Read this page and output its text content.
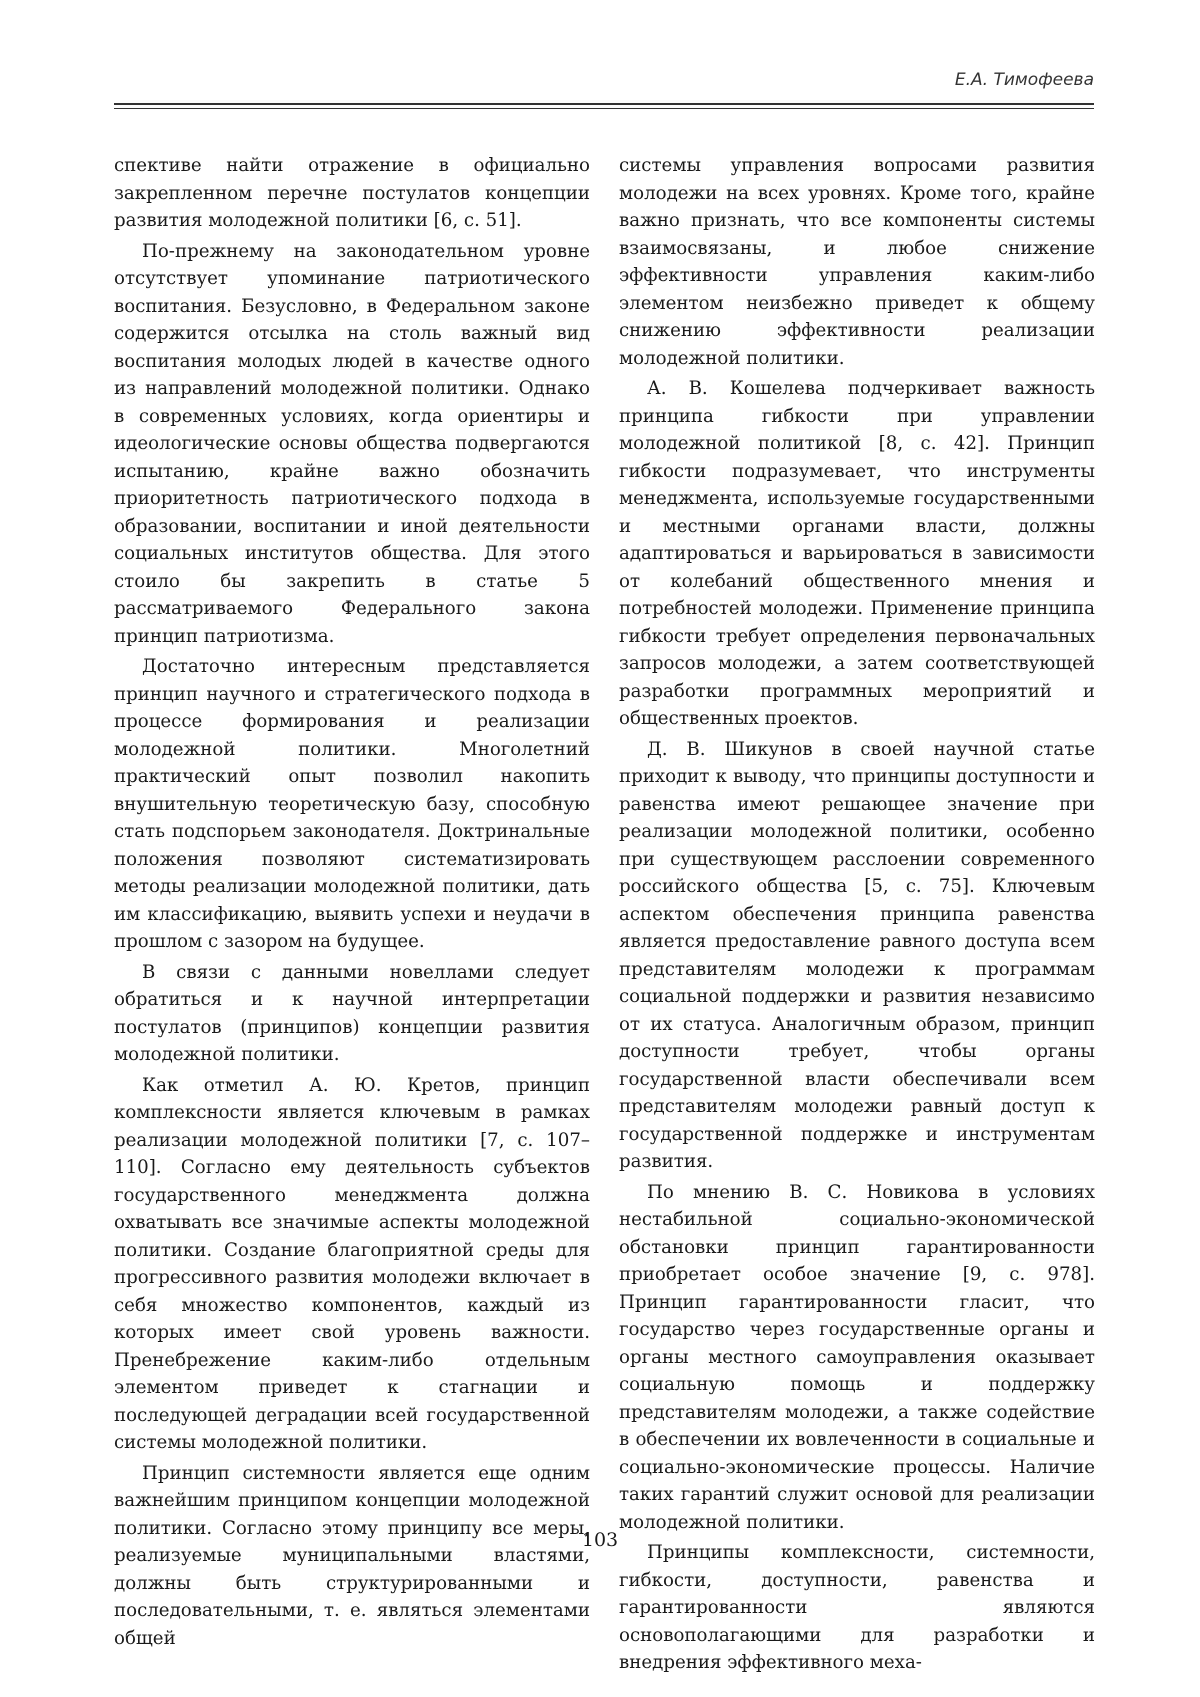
Е.А. Тимофеева

спективе найти отражение в официально закрепленном перечне постулатов концепции развития молодежной политики [6, с. 51].

По-прежнему на законодательном уровне отсутствует упоминание патриотического воспитания. Безусловно, в Федеральном законе содержится отсылка на столь важный вид воспитания молодых людей в качестве одного из направлений молодежной политики. Однако в современных условиях, когда ориентиры и идеологические основы общества подвергаются испытанию, крайне важно обозначить приоритетность патриотического подхода в образовании, воспитании и иной деятельности социальных институтов общества. Для этого стоило бы закрепить в статье 5 рассматриваемого Федерального закона принцип патриотизма.

Достаточно интересным представляется принцип научного и стратегического подхода в процессе формирования и реализации молодежной политики. Многолетний практический опыт позволил накопить внушительную теоретическую базу, способную стать подспорьем законодателя. Доктринальные положения позволяют систематизировать методы реализации молодежной политики, дать им классификацию, выявить успехи и неудачи в прошлом с зазором на будущее.

В связи с данными новеллами следует обратиться и к научной интерпретации постулатов (принципов) концепции развития молодежной политики.

Как отметил А. Ю. Кретов, принцип комплексности является ключевым в рамках реализации молодежной политики [7, с. 107–110]. Согласно ему деятельность субъектов государственного менеджмента должна охватывать все значимые аспекты молодежной политики. Создание благоприятной среды для прогрессивного развития молодежи включает в себя множество компонентов, каждый из которых имеет свой уровень важности. Пренебрежение каким-либо отдельным элементом приведет к стагнации и последующей деградации всей государственной системы молодежной политики.

Принцип системности является еще одним важнейшим принципом концепции молодежной политики. Согласно этому принципу все меры, реализуемые муниципальными властями, должны быть структурированными и последовательными, т. е. являться элементами общей

системы управления вопросами развития молодежи на всех уровнях. Кроме того, крайне важно признать, что все компоненты системы взаимосвязаны, и любое снижение эффективности управления каким-либо элементом неизбежно приведет к общему снижению эффективности реализации молодежной политики.

А. В. Кошелева подчеркивает важность принципа гибкости при управлении молодежной политикой [8, с. 42]. Принцип гибкости подразумевает, что инструменты менеджмента, используемые государственными и местными органами власти, должны адаптироваться и варьироваться в зависимости от колебаний общественного мнения и потребностей молодежи. Применение принципа гибкости требует определения первоначальных запросов молодежи, а затем соответствующей разработки программных мероприятий и общественных проектов.

Д. В. Шикунов в своей научной статье приходит к выводу, что принципы доступности и равенства имеют решающее значение при реализации молодежной политики, особенно при существующем расслоении современного российского общества [5, с. 75]. Ключевым аспектом обеспечения принципа равенства является предоставление равного доступа всем представителям молодежи к программам социальной поддержки и развития независимо от их статуса. Аналогичным образом, принцип доступности требует, чтобы органы государственной власти обеспечивали всем представителям молодежи равный доступ к государственной поддержке и инструментам развития.

По мнению В. С. Новикова в условиях нестабильной социально-экономической обстановки принцип гарантированности приобретает особое значение [9, с. 978]. Принцип гарантированности гласит, что государство через государственные органы и органы местного самоуправления оказывает социальную помощь и поддержку представителям молодежи, а также содействие в обеспечении их вовлеченности в социальные и социально-экономические процессы. Наличие таких гарантий служит основой для реализации молодежной политики.

Принципы комплексности, системности, гибкости, доступности, равенства и гарантированности являются основополагающими для разработки и внедрения эффективного меха-

103
